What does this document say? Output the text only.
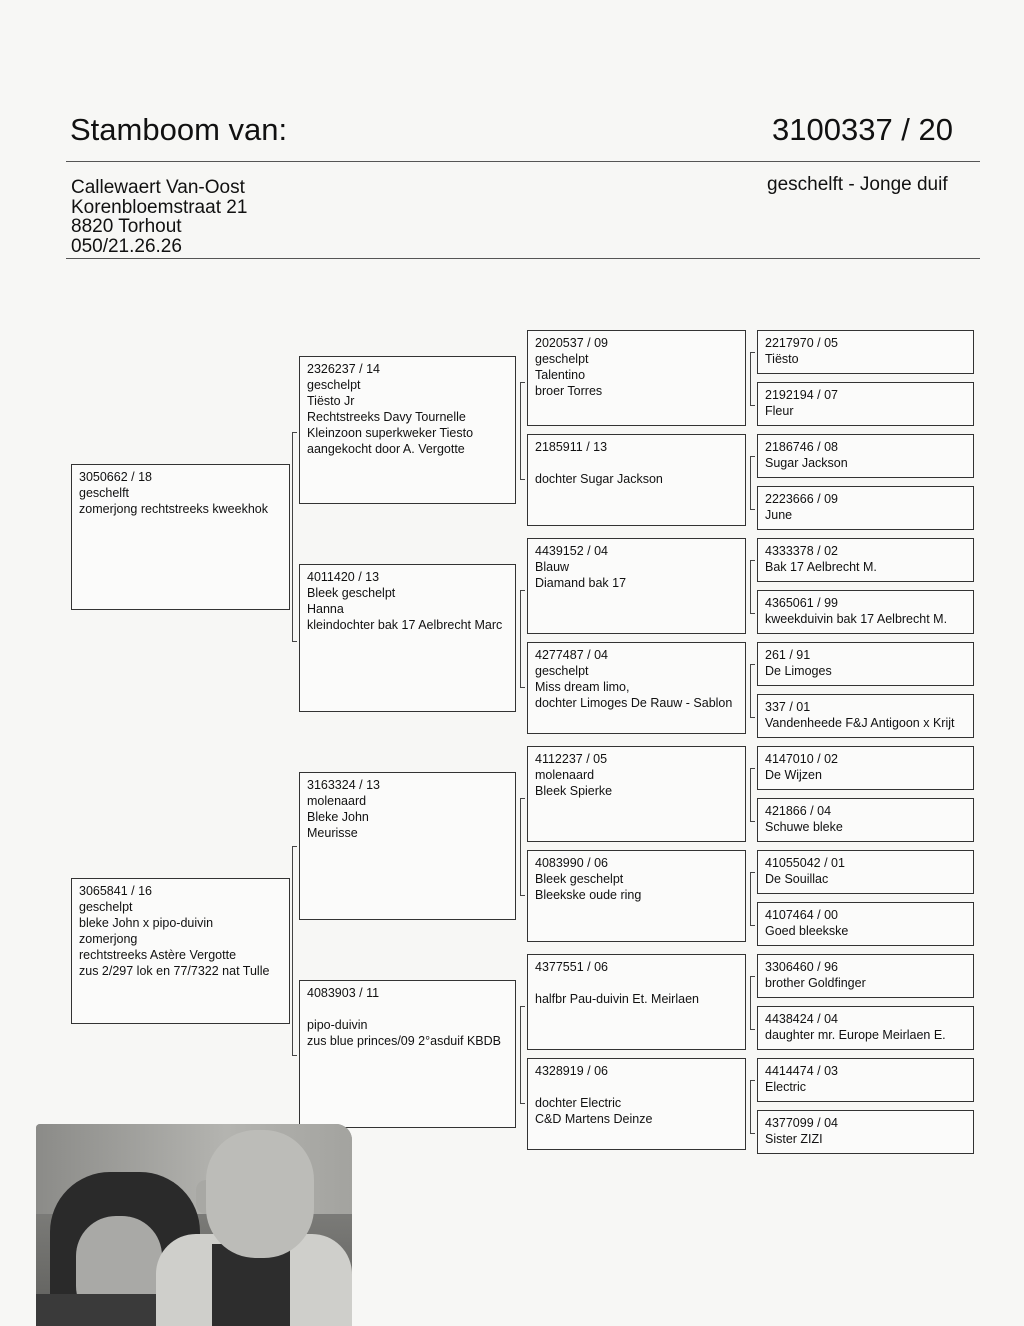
Stamboom van:	3100337 / 20
Callewaert Van-Oost
Korenbloemstraat 21
8820 Torhout
050/21.26.26
geschelft - Jonge duif
3050662 / 18
geschelft
zomerjong rechtstreeks kweekhok
3065841 / 16
geschelpt
bleke John x pipo-duivin
zomerjong
rechtstreeks Astère Vergotte
zus 2/297 lok en 77/7322 nat Tulle
2326237 / 14
geschelpt
Tiësto Jr
Rechtstreeks Davy Tournelle
Kleinzoon superkweker Tiesto
aangekocht door A. Vergotte
4011420 / 13
Bleek geschelpt
Hanna
kleindochter bak 17 Aelbrecht Marc
3163324 / 13
molenaard
Bleke John
Meurisse
4083903 / 11
pipo-duivin
zus blue princes/09 2°asduif KBDB
2020537 / 09
geschelpt
Talentino
broer Torres
2185911 / 13
dochter Sugar Jackson
4439152 / 04
Blauw
Diamand bak 17
4277487 / 04
geschelpt
Miss dream limo,
dochter Limoges De Rauw - Sablon
4112237 / 05
molenaard
Bleek Spierke
4083990 / 06
Bleek geschelpt
Bleekske oude ring
4377551 / 06
halfbr Pau-duivin Et. Meirlaen
4328919 / 06
dochter Electric
C&D Martens Deinze
2217970 / 05
Tiësto
2192194 / 07
Fleur
2186746 / 08
Sugar Jackson
2223666 / 09
June
4333378 / 02
Bak 17 Aelbrecht M.
4365061 / 99
kweekduivin bak 17 Aelbrecht M.
261 / 91
De Limoges
337 / 01
Vandenheede F&J Antigoon x Krijt
4147010 / 02
De Wijzen
421866 / 04
Schuwe bleke
41055042 / 01
De Souillac
4107464 / 00
Goed bleekske
3306460 / 96
brother Goldfinger
4438424 / 04
daughter mr. Europe Meirlaen E.
4414474 / 03
Electric
4377099 / 04
Sister ZIZI
